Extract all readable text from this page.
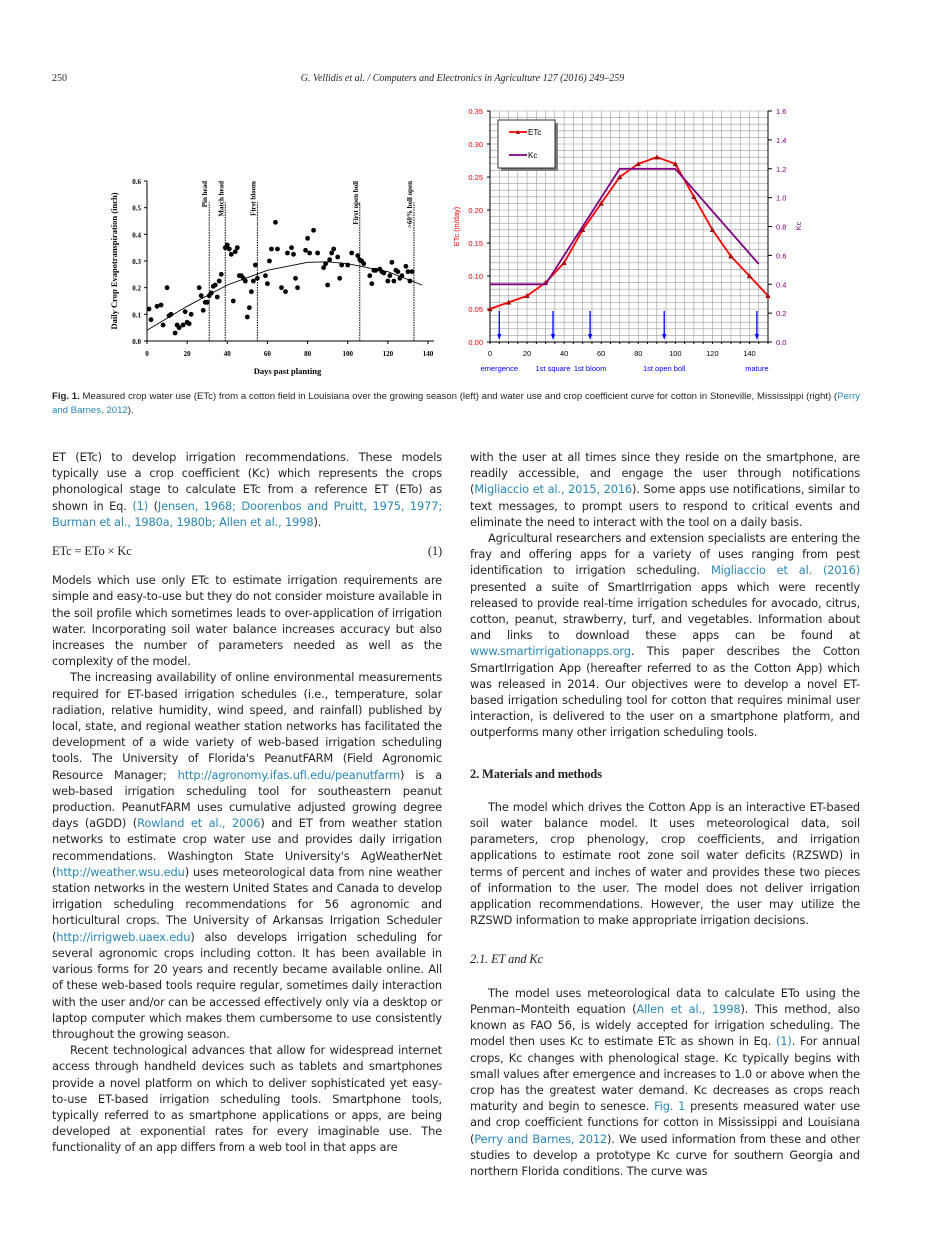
250	G. Vellidis et al. / Computers and Electronics in Agriculture 127 (2016) 249–259
0.0
0.1
0.2
0.3
0.4
0.5
0.6
0	20	40	60	80	100	120	140
Days past planting
Daily Crop Evapotranspiration (inch)	Pin head Match head	First bloom	First open boll	>60% boll open
0.00
0.05
0.10
0.15
0.20
0.25
0.30
0.35
0.0
0.2
0.4
0.6
0.8
1.0
1.2
1.4
1.6
0	20	40	60	80	100	120	140
ETc (in/day)	Kc
emergence 1st square 1st bloom	1st open boll	mature
ETc
Kc
Fig. 1. Measured crop water use (ETc) from a cotton field in Louisiana over the growing season (left) and water use and crop coefficient curve for cotton in Stoneville, Mississippi (right) (Perry and Barnes, 2012).

ET (ETc) to develop irrigation recommendations. These models typically use a crop coefficient (Kc) which represents the crops phonological stage to calculate ETc from a reference ET (ETo) as shown in Eq. (1) (Jensen, 1968; Doorenbos and Pruitt, 1975, 1977; Burman et al., 1980a, 1980b; Allen et al., 1998).

ETc = ETo × Kc	(1)

Models which use only ETc to estimate irrigation requirements are simple and easy-to-use but they do not consider moisture available in the soil profile which sometimes leads to over-application of irrigation water. Incorporating soil water balance increases accuracy but also increases the number of parameters needed as well as the complexity of the model.

The increasing availability of online environmental measurements required for ET-based irrigation schedules (i.e., temperature, solar radiation, relative humidity, wind speed, and rainfall) published by local, state, and regional weather station networks has facilitated the development of a wide variety of web-based irrigation scheduling tools. The University of Florida's PeanutFARM (Field Agronomic Resource Manager; http://agronomy.ifas.ufl.edu/peanutfarm) is a web-based irrigation scheduling tool for southeastern peanut production. PeanutFARM uses cumulative adjusted growing degree days (aGDD) (Rowland et al., 2006) and ET from weather station networks to estimate crop water use and provides daily irrigation recommendations. Washington State University's AgWeatherNet (http://weather.wsu.edu) uses meteorological data from nine weather station networks in the western United States and Canada to develop irrigation scheduling recommendations for 56 agronomic and horticultural crops. The University of Arkansas Irrigation Scheduler (http://irrigweb.uaex.edu) also develops irrigation scheduling for several agronomic crops including cotton. It has been available in various forms for 20 years and recently became available online. All of these web-based tools require regular, sometimes daily interaction with the user and/or can be accessed effectively only via a desktop or laptop computer which makes them cumbersome to use consistently throughout the growing season.

Recent technological advances that allow for widespread internet access through handheld devices such as tablets and smartphones provide a novel platform on which to deliver sophisticated yet easy-to-use ET-based irrigation scheduling tools. Smartphone tools, typically referred to as smartphone applications or apps, are being developed at exponential rates for every imaginable use. The functionality of an app differs from a web tool in that apps are

with the user at all times since they reside on the smartphone, are readily accessible, and engage the user through notifications (Migliaccio et al., 2015, 2016). Some apps use notifications, similar to text messages, to prompt users to respond to critical events and eliminate the need to interact with the tool on a daily basis.

Agricultural researchers and extension specialists are entering the fray and offering apps for a variety of uses ranging from pest identification to irrigation scheduling. Migliaccio et al. (2016) presented a suite of SmartIrrigation apps which were recently released to provide real-time irrigation schedules for avocado, citrus, cotton, peanut, strawberry, turf, and vegetables. Information about and links to download these apps can be found at www.smartirrigationapps.org. This paper describes the Cotton SmartIrrigation App (hereafter referred to as the Cotton App) which was released in 2014. Our objectives were to develop a novel ET-based irrigation scheduling tool for cotton that requires minimal user interaction, is delivered to the user on a smartphone platform, and outperforms many other irrigation scheduling tools.

2. Materials and methods

The model which drives the Cotton App is an interactive ET-based soil water balance model. It uses meteorological data, soil parameters, crop phenology, crop coefficients, and irrigation applications to estimate root zone soil water deficits (RZSWD) in terms of percent and inches of water and provides these two pieces of information to the user. The model does not deliver irrigation application recommendations. However, the user may utilize the RZSWD information to make appropriate irrigation decisions.

2.1. ET and Kc

The model uses meteorological data to calculate ETo using the Penman–Monteith equation (Allen et al., 1998). This method, also known as FAO 56, is widely accepted for irrigation scheduling. The model then uses Kc to estimate ETc as shown in Eq. (1). For annual crops, Kc changes with phenological stage. Kc typically begins with small values after emergence and increases to 1.0 or above when the crop has the greatest water demand. Kc decreases as crops reach maturity and begin to senesce. Fig. 1 presents measured water use and crop coefficient functions for cotton in Mississippi and Louisiana (Perry and Barnes, 2012). We used information from these and other studies to develop a prototype Kc curve for southern Georgia and northern Florida conditions. The curve was
